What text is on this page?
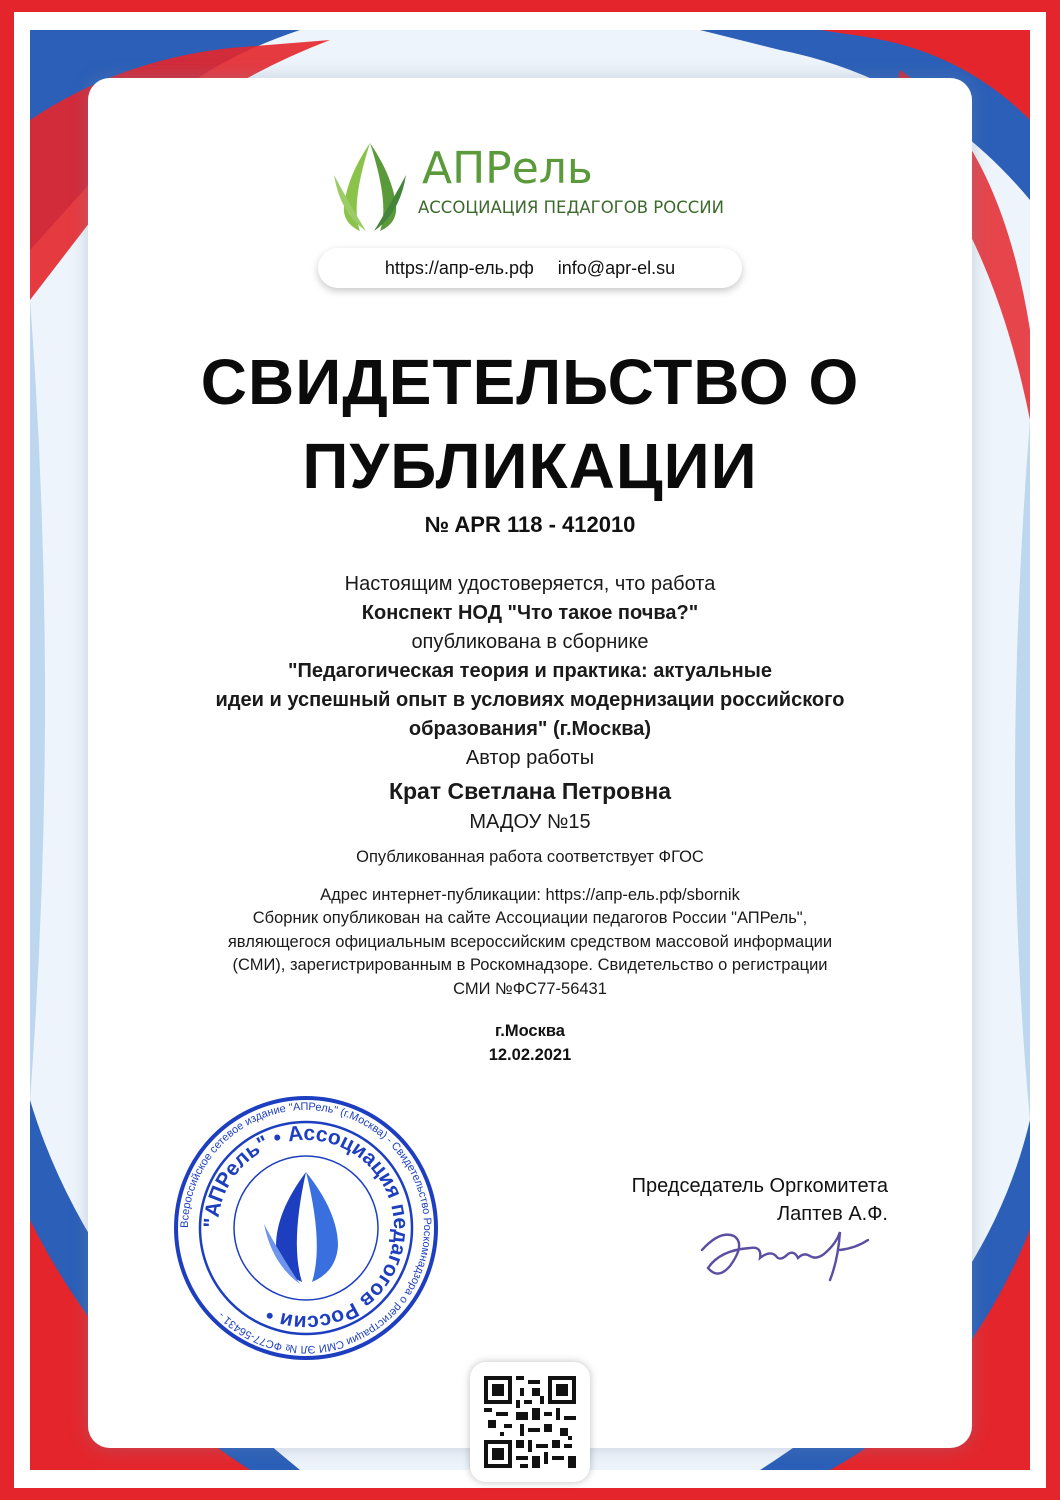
АПРель
АССОЦИАЦИЯ ПЕДАГОГОВ РОССИИ
https://апр-ель.рф info@apr-el.su
СВИДЕТЕЛЬСТВО О
ПУБЛИКАЦИИ
№ APR 118 - 412010
Настоящим удостоверяется, что работа
Конспект НОД "Что такое почва?"
опубликована в сборнике
"Педагогическая теория и практика: актуальные
идеи и успешный опыт в условиях модернизации российского
образования" (г.Москва)
Автор работы
Крат Светлана Петровна
МАДОУ №15
Опубликованная работа соответствует ФГОС
Адрес интернет-публикации: https://апр-ель.рф/sbornik
Сборник опубликован на сайте Ассоциации педагогов России "АПРель",
являющегося официальным всероссийским средством массовой информации
(СМИ), зарегистрированным в Роскомнадзоре. Свидетельство о регистрации
СМИ №ФС77-56431
г.Москва
12.02.2021
Всероссийское сетевое издание "АПРель" (г.Москва) - Свидетельство Роскомнадзора о регистрации СМИ ЭЛ № ФС77-56431 -
"АПРель" • Ассоциация педагогов России •
Председатель Оргкомитета
Лаптев А.Ф.
